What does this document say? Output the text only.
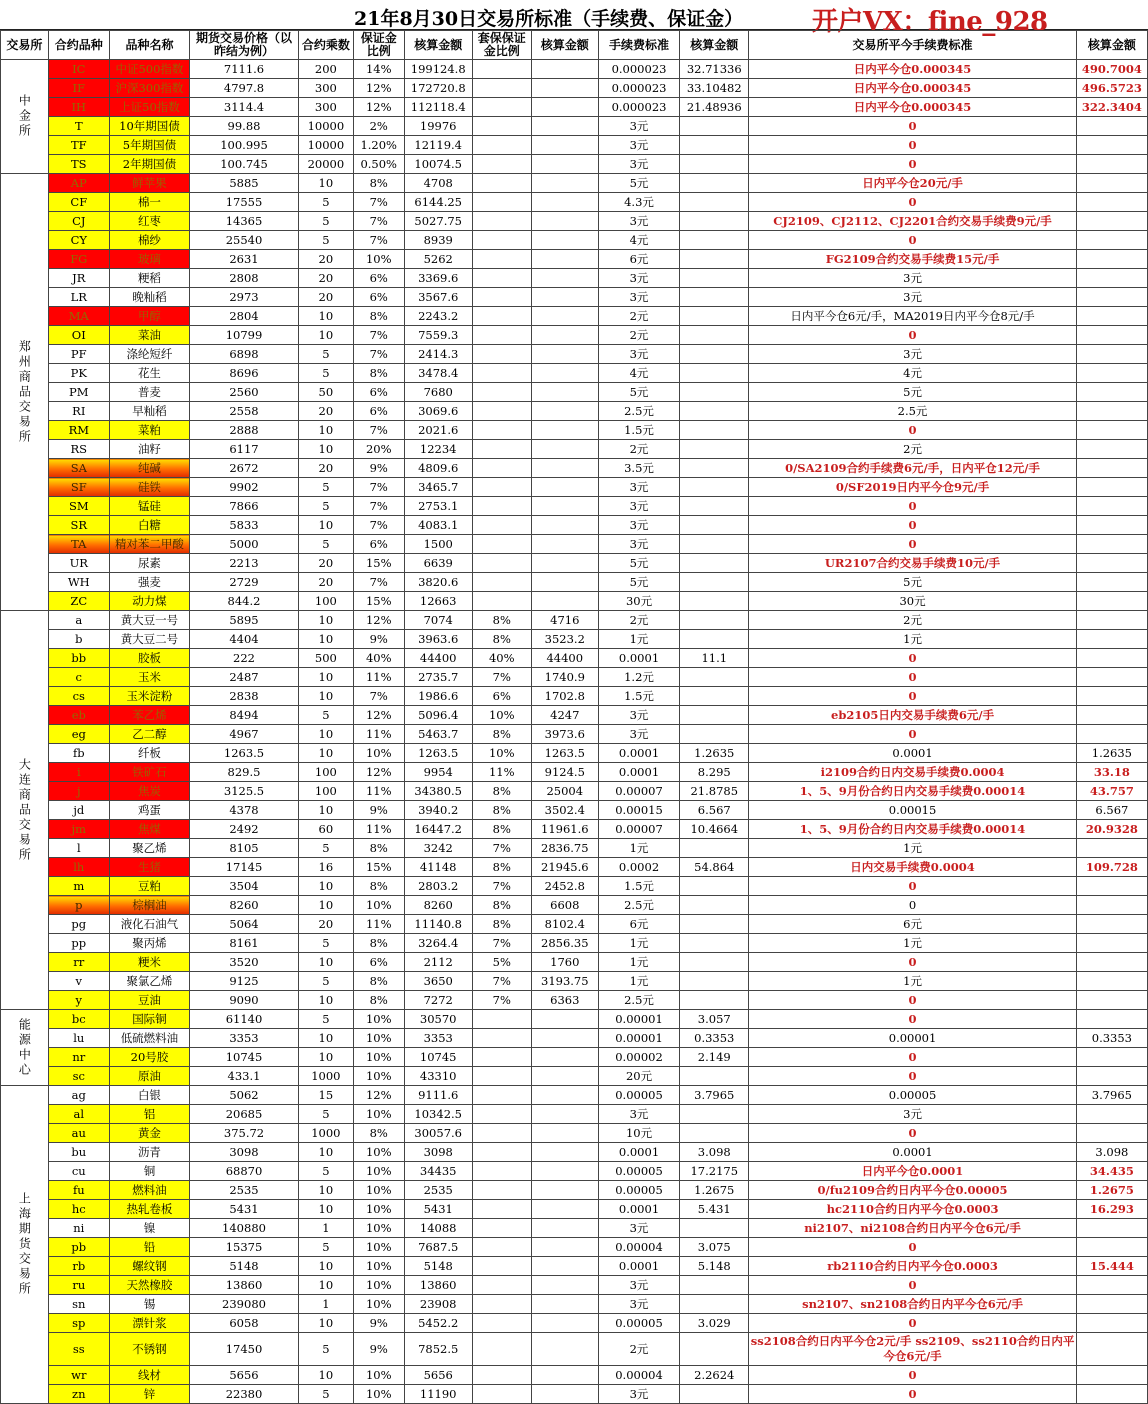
21年8月30日交易所标准（手续费、保证金）	开户VX：fine_928
交易所	合约品种	品种名称	期货交易价格（以昨结为例）	合约乘数	保证金比例	核算金额	套保保证金比例	核算金额	手续费标准	核算金额	交易所平今手续费标准	核算金额
中金所	IC	中证500指数	7111.6	200	14%	199124.8			0.000023	32.71336	日内平今仓0.000345	490.7004
	IF	沪深300指数	4797.8	300	12%	172720.8			0.000023	33.10482	日内平今仓0.000345	496.5723
	IH	上证50指数	3114.4	300	12%	112118.4			0.000023	21.48936	日内平今仓0.000345	322.3404
	T	10年期国债	99.88	10000	2%	19976			3元		0	
	TF	5年期国债	100.995	10000	1.20%	12119.4			3元		0	
	TS	2年期国债	100.745	20000	0.50%	10074.5			3元		0	
郑州商品交易所	AP	鲜苹果	5885	10	8%	4708			5元		日内平今仓20元/手	
	CF	棉一	17555	5	7%	6144.25			4.3元		0	
	CJ	红枣	14365	5	7%	5027.75			3元		CJ2109、CJ2112、CJ2201合约交易手续费9元/手	
	CY	棉纱	25540	5	7%	8939			4元		0	
	FG	玻璃	2631	20	10%	5262			6元		FG2109合约交易手续费15元/手	
	JR	粳稻	2808	20	6%	3369.6			3元		3元	
	LR	晚籼稻	2973	20	6%	3567.6			3元		3元	
	MA	甲醇	2804	10	8%	2243.2			2元		日内平今仓6元/手，MA2019日内平今仓8元/手	
	OI	菜油	10799	10	7%	7559.3			2元		0	
	PF	涤纶短纤	6898	5	7%	2414.3			3元		3元	
	PK	花生	8696	5	8%	3478.4			4元		4元	
	PM	普麦	2560	50	6%	7680			5元		5元	
	RI	早籼稻	2558	20	6%	3069.6			2.5元		2.5元	
	RM	菜粕	2888	10	7%	2021.6			1.5元		0	
	RS	油籽	6117	10	20%	12234			2元		2元	
	SA	纯碱	2672	20	9%	4809.6			3.5元		0/SA2109合约手续费6元/手，日内平仓12元/手	
	SF	硅铁	9902	5	7%	3465.7			3元		0/SF2019日内平今仓9元/手	
	SM	锰硅	7866	5	7%	2753.1			3元		0	
	SR	白糖	5833	10	7%	4083.1			3元		0	
	TA	精对苯二甲酸	5000	5	6%	1500			3元		0	
	UR	尿素	2213	20	15%	6639			5元		UR2107合约交易手续费10元/手	
	WH	强麦	2729	20	7%	3820.6			5元		5元	
	ZC	动力煤	844.2	100	15%	12663			30元		30元	
大连商品交易所	a	黄大豆一号	5895	10	12%	7074	8%	4716	2元		2元	
	b	黄大豆二号	4404	10	9%	3963.6	8%	3523.2	1元		1元	
	bb	胶板	222	500	40%	44400	40%	44400	0.0001	11.1	0	
	c	玉米	2487	10	11%	2735.7	7%	1740.9	1.2元		0	
	cs	玉米淀粉	2838	10	7%	1986.6	6%	1702.8	1.5元		0	
	eb	苯乙烯	8494	5	12%	5096.4	10%	4247	3元		eb2105日内交易手续费6元/手	
	eg	乙二醇	4967	10	11%	5463.7	8%	3973.6	3元		0	
	fb	纤板	1263.5	10	10%	1263.5	10%	1263.5	0.0001	1.2635	0.0001	1.2635
	i	铁矿石	829.5	100	12%	9954	11%	9124.5	0.0001	8.295	i2109合约日内交易手续费0.0004	33.18
	j	焦炭	3125.5	100	11%	34380.5	8%	25004	0.00007	21.8785	1、5、9月份合约日内交易手续费0.00014	43.757
	jd	鸡蛋	4378	10	9%	3940.2	8%	3502.4	0.00015	6.567	0.00015	6.567
	jm	焦煤	2492	60	11%	16447.2	8%	11961.6	0.00007	10.4664	1、5、9月份合约日内交易手续费0.00014	20.9328
	l	聚乙烯	8105	5	8%	3242	7%	2836.75	1元		1元	
	lh	生猪	17145	16	15%	41148	8%	21945.6	0.0002	54.864	日内交易手续费0.0004	109.728
	m	豆粕	3504	10	8%	2803.2	7%	2452.8	1.5元		0	
	p	棕榈油	8260	10	10%	8260	8%	6608	2.5元		0	
	pg	液化石油气	5064	20	11%	11140.8	8%	8102.4	6元		6元	
	pp	聚丙烯	8161	5	8%	3264.4	7%	2856.35	1元		1元	
	rr	粳米	3520	10	6%	2112	5%	1760	1元		0	
	v	聚氯乙烯	9125	5	8%	3650	7%	3193.75	1元		1元	
	y	豆油	9090	10	8%	7272	7%	6363	2.5元		0	
能源中心	bc	国际铜	61140	5	10%	30570			0.00001	3.057	0	
	lu	低硫燃料油	3353	10	10%	3353			0.00001	0.3353	0.00001	0.3353
	nr	20号胶	10745	10	10%	10745			0.00002	2.149	0	
	sc	原油	433.1	1000	10%	43310			20元		0	
上海期货交易所	ag	白银	5062	15	12%	9111.6			0.00005	3.7965	0.00005	3.7965
	al	铝	20685	5	10%	10342.5			3元		3元	
	au	黄金	375.72	1000	8%	30057.6			10元		0	
	bu	沥青	3098	10	10%	3098			0.0001	3.098	0.0001	3.098
	cu	铜	68870	5	10%	34435			0.00005	17.2175	日内平今仓0.0001	34.435
	fu	燃料油	2535	10	10%	2535			0.00005	1.2675	0/fu2109合约日内平今仓0.00005	1.2675
	hc	热轧卷板	5431	10	10%	5431			0.0001	5.431	hc2110合约日内平今仓0.0003	16.293
	ni	镍	140880	1	10%	14088			3元		ni2107、ni2108合约日内平今仓6元/手	
	pb	铅	15375	5	10%	7687.5			0.00004	3.075	0	
	rb	螺纹钢	5148	10	10%	5148			0.0001	5.148	rb2110合约日内平今仓0.0003	15.444
	ru	天然橡胶	13860	10	10%	13860			3元		0	
	sn	锡	239080	1	10%	23908			3元		sn2107、sn2108合约日内平今仓6元/手	
	sp	漂针浆	6058	10	9%	5452.2			0.00005	3.029	0	
	ss	不锈钢	17450	5	9%	7852.5			2元		ss2108合约日内平今仓2元/手 ss2109、ss2110合约日内平今仓6元/手	
	wr	线材	5656	10	10%	5656			0.00004	2.2624	0	
	zn	锌	22380	5	10%	11190			3元		0	
